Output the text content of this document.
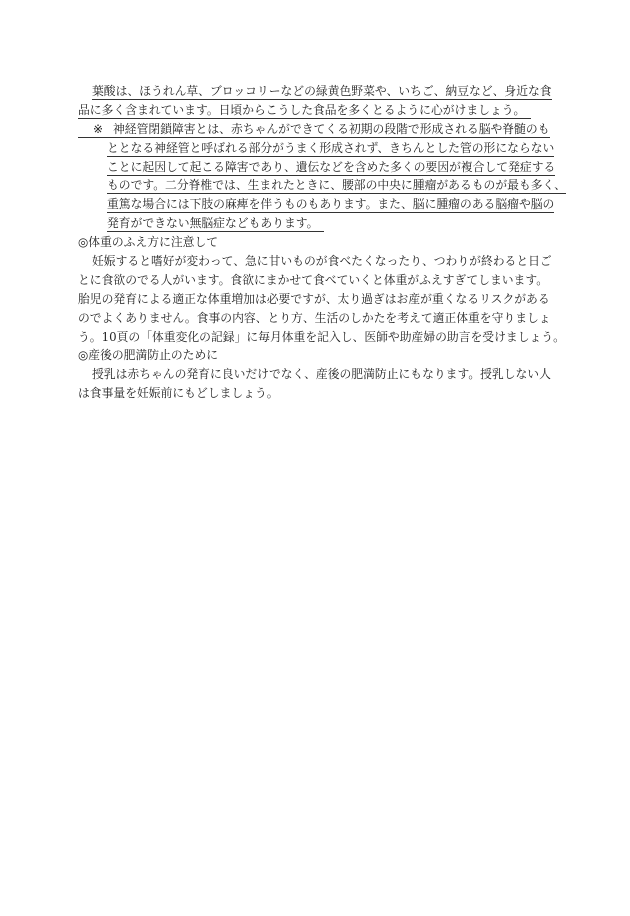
葉酸は、ほうれん草、ブロッコリーなどの緑黄色野菜や、いちご、納豆など、身近な食
品に多く含まれています。日頃からこうした食品を多くとるように心がけましょう。
※ 神経管閉鎖障害とは、赤ちゃんができてくる初期の段階で形成される脳や脊髄のも
ととなる神経管と呼ばれる部分がうまく形成されず、きちんとした管の形にならない
ことに起因して起こる障害であり、遺伝などを含めた多くの要因が複合して発症する
ものです。二分脊椎では、生まれたときに、腰部の中央に腫瘤があるものが最も多く、
重篤な場合には下肢の麻痺を伴うものもあります。また、脳に腫瘤のある脳瘤や脳の
発育ができない無脳症などもあります。
◎体重のふえ方に注意して
妊娠すると嗜好が変わって、急に甘いものが食べたくなったり、つわりが終わると日ご
とに食欲のでる人がいます。食欲にまかせて食べていくと体重がふえすぎてしまいます。
胎児の発育による適正な体重増加は必要ですが、太り過ぎはお産が重くなるリスクがある
のでよくありません。食事の内容、とり方、生活のしかたを考えて適正体重を守りましょ
う。10頁の「体重変化の記録」に毎月体重を記入し、医師や助産婦の助言を受けましょう。
◎産後の肥満防止のために
授乳は赤ちゃんの発育に良いだけでなく、産後の肥満防止にもなります。授乳しない人
は食事量を妊娠前にもどしましょう。
